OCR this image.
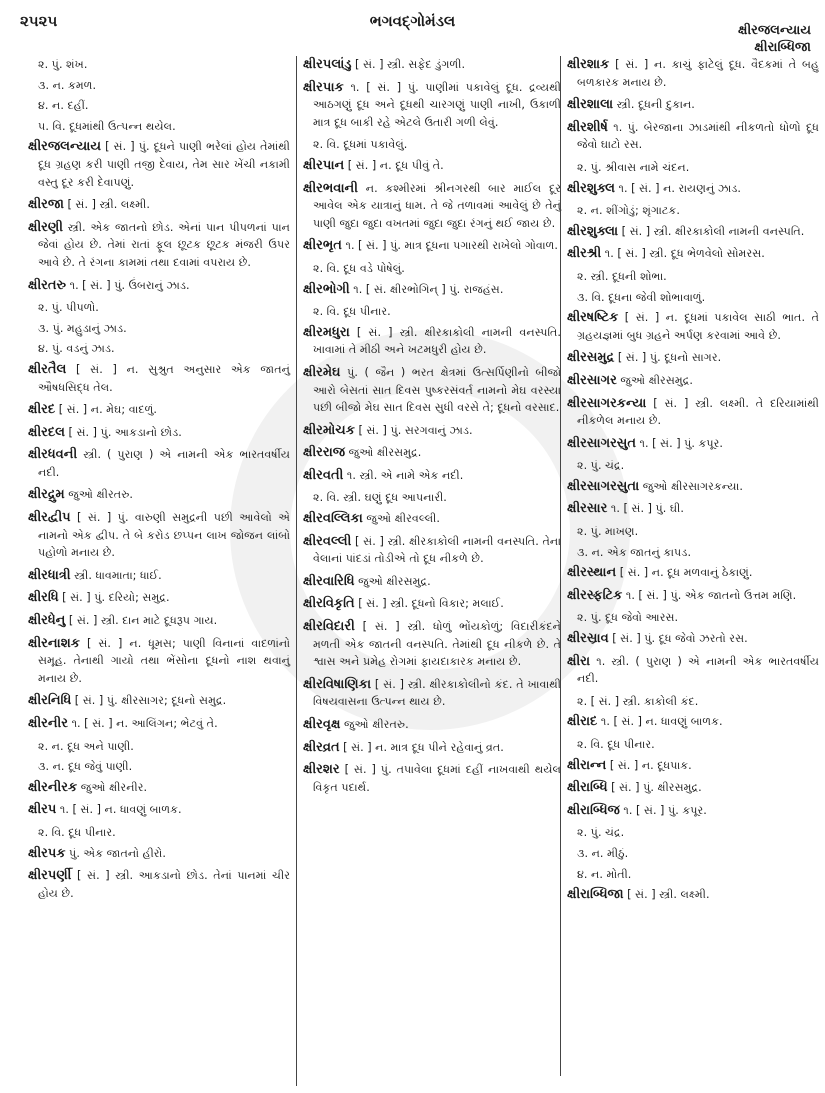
૨૫૨૫	ભગવદ્ગોમંડલ
ક્ષીરજલન્યાય
ક્ષીરાબ્ધિજા
૨. પું. શંખ.
૩. ન. કમળ.
૪. ન. દહીં.
૫. વિ. દૂધમાંથી ઉત્પન્ન થયેલ.
ક્ષીરજલન્યાય [ સં. ] પું. દૂધને પાણી ભરેલાં હોય તેમાંથી દૂધ ગ્રહણ કરી પાણી તજી દેવાય, તેમ સાર ખેંચી નકામી વસ્તુ દૂર કરી દેવાપણું.
ક્ષીરજા [ સં. ] સ્ત્રી. લક્ષ્મી.
ક્ષીરણી સ્ત્રી. એક જાતનો છોડ. એનાં પાન પીપળનાં પાન જેવાં હોય છે. તેમાં રાતાં ફૂલ છૂટક છૂટક મંજરી ઉપર આવે છે. તે રંગના કામમાં તથા દવામાં વપરાય છે.
ક્ષીરતરુ ૧. [ સં. ] પું. ઉંબરાનું ઝાડ.
૨. પું. પીપળો.
૩. પું. મહુડાનું ઝાડ.
૪. પું. વડનું ઝાડ.
ક્ષીરતૈલ [ સં. ] ન. સુશ્રુત અનુસાર એક જાતનું ઔષધસિદ્ધ તેલ.
ક્ષીરદ [ સં. ] ન. મેઘ; વાદળું.
ક્ષીરદલ [ સં. ] પું. આકડાનો છોડ.
ક્ષીરધવની સ્ત્રી. ( પુરાણ ) એ નામની એક ભારતવર્ષીય નદી.
ક્ષીરદ્રુમ જુઓ ક્ષીરતરુ.
ક્ષીરદ્વીપ [ સં. ] પું. વારુણી સમુદ્રની પછી આવેલો એ નામનો એક દ્વીપ. તે બે કરોડ છપ્પન લાખ જોજન લાંબો પહોળો મનાય છે.
ક્ષીરધાત્રી સ્ત્રી. ધાવમાતા; ધાઈ.
ક્ષીરધિ [ સં. ] પું. દરિયો; સમુદ્ર.
ક્ષીરધેનુ [ સં. ] સ્ત્રી. દાન માટે દૂધરૂપ ગાય.
ક્ષીરનાશક [ સં. ] ન. ધૂમસ; પાણી વિનાનાં વાદળાંનો સમૂહ. તેનાથી ગાયો તથા ભેંસોના દૂધનો નાશ થવાનું મનાય છે.
ક્ષીરનિધિ [ સં. ] પું. ક્ષીરસાગર; દૂધનો સમુદ્ર.
ક્ષીરનીર ૧. [ સં. ] ન. આલિંગન; ભેટવું તે.
૨. ન. દૂધ અને પાણી.
૩. ન. દૂધ જેવું પાણી.
ક્ષીરનીરક જુઓ ક્ષીરનીર.
ક્ષીરપ ૧. [ સં. ] ન. ધાવણું બાળક.
૨. વિ. દૂધ પીનાર.
ક્ષીરપક પું. એક જાતનો હીરો.
ક્ષીરપર્ણી [ સં. ] સ્ત્રી. આકડાનો છોડ. તેનાં પાનમાં ચીર હોય છે.
ક્ષીરપલાંડુ [ સં. ] સ્ત્રી. સફેદ ડુંગળી.
ક્ષીરપાક ૧. [ સં. ] પું. પાણીમાં પકાવેલું દૂધ. દ્રવ્યથી આઠગણું દૂધ અને દૂધથી ચારગણું પાણી નાખી, ઉકાળી માત્ર દૂધ બાકી રહે એટલે ઉતારી ગળી લેવું.
૨. વિ. દૂધમાં પકાવેલું.
ક્ષીરપાન [ સં. ] ન. દૂધ પીવું તે.
ક્ષીરભવાની ન. કશ્મીરમાં શ્રીનગરથી બાર માઈલ દૂર આવેલ એક યાત્રાનું ધામ. તે જે તળાવમાં આવેલું છે તેનું પાણી જુદા જુદા વખતમાં જુદા જુદા રંગનું થઈ જાય છે.
ક્ષીરભૃત ૧. [ સં. ] પું. માત્ર દૂધના પગારથી રાખેલો ગોવાળ.
૨. વિ. દૂધ વડે પોષેલું.
ક્ષીરભોગી ૧. [ સં. ક્ષીરભોગિન્ ] પું. રાજહંસ.
૨. વિ. દૂધ પીનાર.
ક્ષીરમધુરા [ સં. ] સ્ત્રી. ક્ષીરકાકોલી નામની વનસ્પતિ. ખાવામાં તે મીઠી અને ખટમધુરી હોય છે.
ક્ષીરમેઘ પું. ( જૈન ) ભરત ક્ષેત્રમાં ઉત્સર્પિણીનો બીજો આરો બેસતાં સાત દિવસ પુષ્કરસંવર્ત નામનો મેઘ વરસ્યા પછી બીજો મેઘ સાત દિવસ સુધી વરસે તે; દૂધનો વરસાદ.
ક્ષીરમોચક [ સં. ] પું. સરગવાનું ઝાડ.
ક્ષીરરાજ જુઓ ક્ષીરસમુદ્ર.
ક્ષીરવતી ૧. સ્ત્રી. એ નામે એક નદી.
૨. વિ. સ્ત્રી. ઘણું દૂધ આપનારી.
ક્ષીરવલ્લિકા જુઓ ક્ષીરવલ્લી.
ક્ષીરવલ્લી [ સં. ] સ્ત્રી. ક્ષીરકાકોલી નામની વનસ્પતિ. તેના વેલાનાં પાંદડાં તોડીએ તો દૂધ નીકળે છે.
ક્ષીરવારિધિ જુઓ ક્ષીરસમુદ્ર.
ક્ષીરવિકૃતિ [ સં. ] સ્ત્રી. દૂધનો વિકાર; મલાઈ.
ક્ષીરવિદારી [ સં. ] સ્ત્રી. ધોળું ભોંયકોળું; વિદારીકંદને મળતી એક જાતની વનસ્પતિ. તેમાંથી દૂધ નીકળે છે. તે શ્વાસ અને પ્રમેહ રોગમાં ફાયદાકારક મનાય છે.
ક્ષીરવિષાણિકા [ સં. ] સ્ત્રી. ક્ષીરકાકોલીનો કંદ. તે ખાવાથી વિષયવાસના ઉત્પન્ન થાય છે.
ક્ષીરવૃક્ષ જુઓ ક્ષીરતરુ.
ક્ષીરવ્રત [ સં. ] ન. માત્ર દૂધ પીને રહેવાનું વ્રત.
ક્ષીરશર [ સં. ] પું. તપાવેલા દૂધમાં દહીં નાખવાથી થયેલ વિકૃત પદાર્થ.
ક્ષીરશાક [ સં. ] ન. કાચું ફાટેલું દૂધ. વૈદકમાં તે બહુ બળકારક મનાય છે.
ક્ષીરશાલા સ્ત્રી. દૂધની દુકાન.
ક્ષીરશીર્ષ ૧. પું. બેરજાના ઝાડમાંથી નીકળતો ધોળો દૂધ જેવો ઘાટો રસ.
૨. પું. શ્રીવાસ નામે ચંદન.
ક્ષીરશુક્લ ૧. [ સં. ] ન. રાયણનું ઝાડ.
૨. ન. શીંગોડું; શૃંગાટક.
ક્ષીરશુક્લા [ સં. ] સ્ત્રી. ક્ષીરકાકોલી નામની વનસ્પતિ.
ક્ષીરશ્રી ૧. [ સં. ] સ્ત્રી. દૂધ ભેળવેલો સોમરસ.
૨. સ્ત્રી. દૂધની શોભા.
૩. વિ. દૂધના જેવી શોભાવાળું.
ક્ષીરષષ્ટિક [ સં. ] ન. દૂધમાં પકાવેલ સાઠી ભાત. તે ગ્રહયજ્ઞમાં બુધ ગ્રહને અર્પણ કરવામાં આવે છે.
ક્ષીરસમુદ્ર [ સં. ] પું. દૂધનો સાગર.
ક્ષીરસાગર જુઓ ક્ષીરસમુદ્ર.
ક્ષીરસાગરકન્યા [ સં. ] સ્ત્રી. લક્ષ્મી. તે દરિયામાંથી નીકળેલ મનાય છે.
ક્ષીરસાગરસુત ૧. [ સં. ] પું. કપૂર.
૨. પું. ચંદ્ર.
ક્ષીરસાગરસુતા જુઓ ક્ષીરસાગરકન્યા.
ક્ષીરસાર ૧. [ સં. ] પું. ઘી.
૨. પું. માખણ.
૩. ન. એક જાતનું કાપડ.
ક્ષીરસ્થાન [ સં. ] ન. દૂધ મળવાનું ઠેકાણું.
ક્ષીરસ્ફટિક ૧. [ સં. ] પું. એક જાતનો ઉત્તમ મણિ.
૨. પું. દૂધ જેવો આરસ.
ક્ષીરસ્રાવ [ સં. ] પું. દૂધ જેવો ઝરતો રસ.
ક્ષીરા ૧. સ્ત્રી. ( પુરાણ ) એ નામની એક ભારતવર્ષીય નદી.
૨. [ સં. ] સ્ત્રી. કાકોલી કંદ.
ક્ષીરાદ ૧. [ સં. ] ન. ધાવણું બાળક.
૨. વિ. દૂધ પીનાર.
ક્ષીરાન્ન [ સં. ] ન. દૂધપાક.
ક્ષીરાબ્ધિ [ સં. ] પું. ક્ષીરસમુદ્ર.
ક્ષીરાબ્ધિજ ૧. [ સં. ] પું. કપૂર.
૨. પું. ચંદ્ર.
૩. ન. મીઠું.
૪. ન. મોતી.
ક્ષીરાબ્ધિજા [ સં. ] સ્ત્રી. લક્ષ્મી.
